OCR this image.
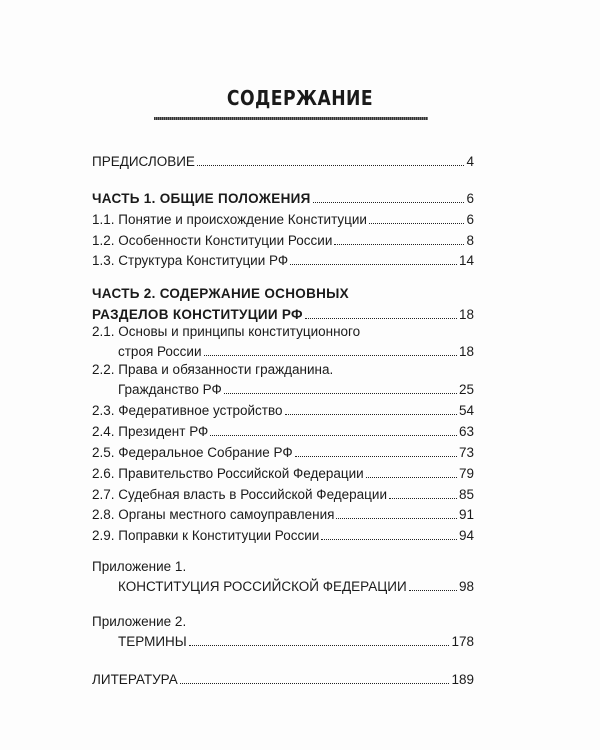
СОДЕРЖАНИЕ
ПРЕДИСЛОВИЕ	4
ЧАСТЬ 1. ОБЩИЕ ПОЛОЖЕНИЯ	6
1.1. Понятие и происхождение Конституции	6
1.2. Особенности Конституции России	8
1.3. Структура Конституции РФ	14
ЧАСТЬ 2. СОДЕРЖАНИЕ ОСНОВНЫХ
РАЗДЕЛОВ КОНСТИТУЦИИ РФ	18
2.1. Основы и принципы конституционного
строя России	18
2.2. Права и обязанности гражданина.
Гражданство РФ	25
2.3. Федеративное устройство	54
2.4. Президент РФ	63
2.5. Федеральное Собрание РФ	73
2.6. Правительство Российской Федерации	79
2.7. Судебная власть в Российской Федерации	85
2.8. Органы местного самоуправления	91
2.9. Поправки к Конституции России	94
Приложение 1.
КОНСТИТУЦИЯ РОССИЙСКОЙ ФЕДЕРАЦИИ	98
Приложение 2.
ТЕРМИНЫ	178
ЛИТЕРАТУРА	189
